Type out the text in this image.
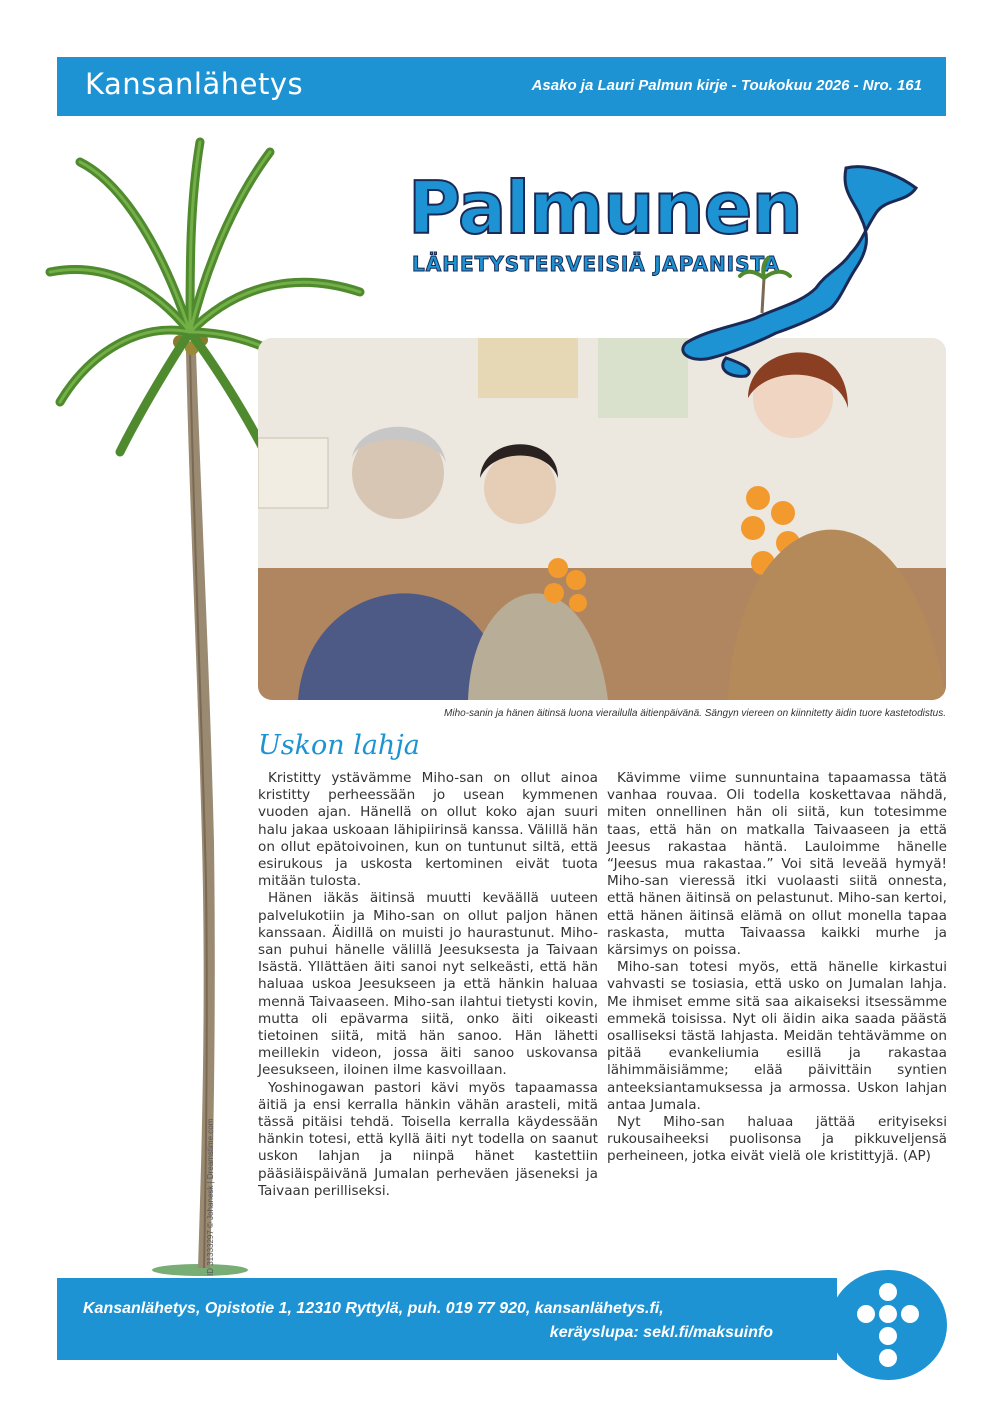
Kansanlähetys	Asako ja Lauri Palmun kirje - Toukokuu 2026 - Nro. 161
ID 31333297 © Johanesk | Dreamstime.com
Palmunen
LÄHETYSTERVEISIÄ JAPANISTA
Miho-sanin ja hänen äitinsä luona vierailulla äitienpäivänä. Sängyn viereen on kiinnitetty äidin tuore kastetodistus.
Uskon lahja

Kristitty ystävämme Miho-san on ollut ainoa kristitty perheessään jo usean kymmenen vuoden ajan. Hänellä on ollut koko ajan suuri halu jakaa uskoaan lähipiirinsä kanssa. Välillä hän on ollut epätoivoinen, kun on tuntunut siltä, että esirukous ja uskosta kertominen eivät tuota mitään tulosta.

Hänen iäkäs äitinsä muutti keväällä uuteen palvelukotiin ja Miho-san on ollut paljon hänen kanssaan. Äidillä on muisti jo haurastunut. Miho-san puhui hänelle välillä Jeesuksesta ja Taivaan Isästä. Yllättäen äiti sanoi nyt selkeästi, että hän haluaa uskoa Jeesukseen ja että hänkin haluaa mennä Taivaaseen. Miho-san ilahtui tietysti kovin, mutta oli epävarma siitä, onko äiti oikeasti tietoinen siitä, mitä hän sanoo. Hän lähetti meillekin videon, jossa äiti sanoo uskovansa Jeesukseen, iloinen ilme kasvoillaan.

Yoshinogawan pastori kävi myös tapaamassa äitiä ja ensi kerralla hänkin vähän arasteli, mitä tässä pitäisi tehdä. Toisella kerralla käydessään hänkin totesi, että kyllä äiti nyt todella on saanut uskon lahjan ja niinpä hänet kastettiin pääsiäispäivänä Jumalan perheväen jäseneksi ja Taivaan perilliseksi.

Kävimme viime sunnuntaina tapaamassa tätä vanhaa rouvaa. Oli todella koskettavaa nähdä, miten onnellinen hän oli siitä, kun totesimme taas, että hän on matkalla Taivaaseen ja että Jeesus rakastaa häntä. Lauloimme hänelle “Jeesus mua rakastaa.” Voi sitä leveää hymyä! Miho-san vieressä itki vuolaasti siitä onnesta, että hänen äitinsä on pelastunut. Miho-san kertoi, että hänen äitinsä elämä on ollut monella tapaa raskasta, mutta Taivaassa kaikki murhe ja kärsimys on poissa.

Miho-san totesi myös, että hänelle kirkastui vahvasti se tosiasia, että usko on Jumalan lahja. Me ihmiset emme sitä saa aikaiseksi itsessämme emmekä toisissa. Nyt oli äidin aika saada päästä osalliseksi tästä lahjasta. Meidän tehtävämme on pitää evankeliumia esillä ja rakastaa lähimmäisiämme; elää päivittäin syntien anteeksiantamuksessa ja armossa. Uskon lahjan antaa Jumala.

Nyt Miho-san haluaa jättää erityiseksi rukousaiheeksi puolisonsa ja pikkuveljensä perheineen, jotka eivät vielä ole kristittyjä. (AP)

Kansanlähetys, Opistotie 1, 12310 Ryttylä, puh. 019 77 920, kansanlähetys.fi,
keräyslupa: sekl.fi/maksuinfo
